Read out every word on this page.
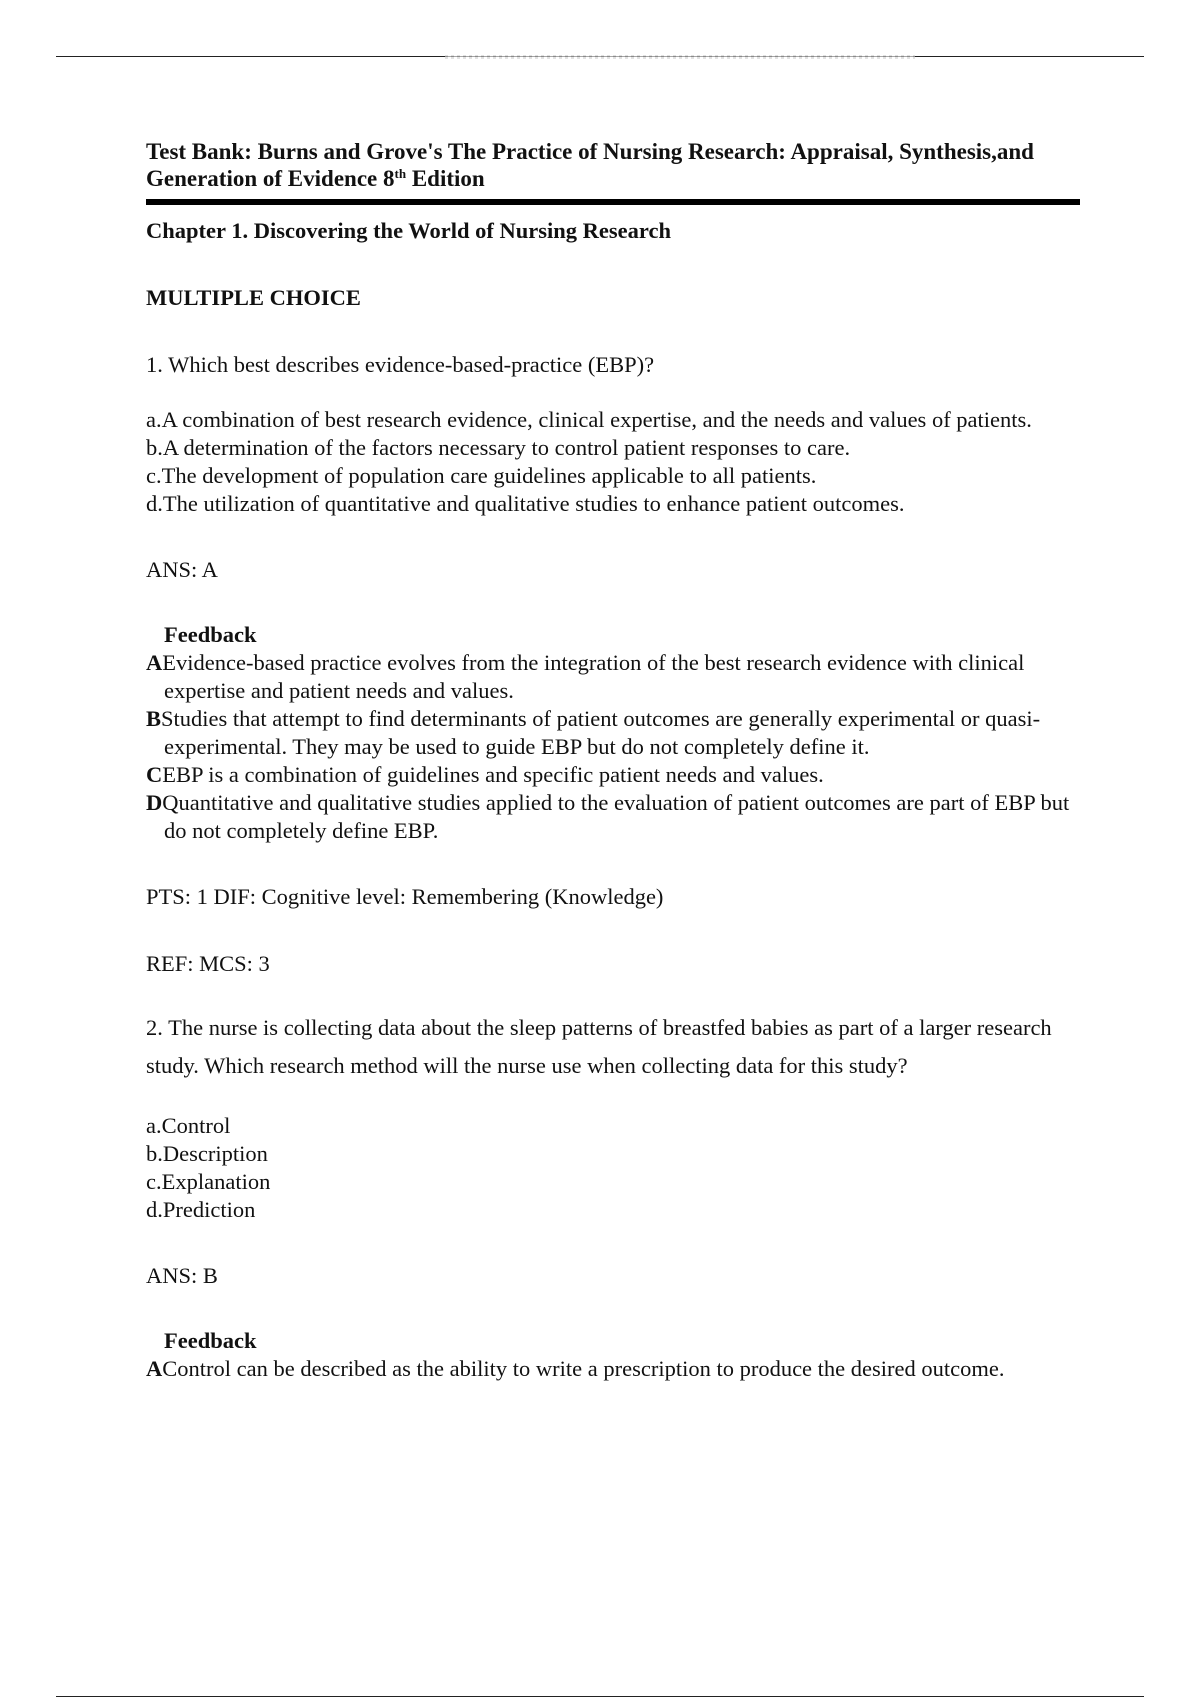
Test Bank: Burns and Grove's The Practice of Nursing Research: Appraisal, Synthesis,and
Generation of Evidence 8th Edition
Chapter 1. Discovering the World of Nursing Research
MULTIPLE CHOICE
1. Which best describes evidence-based-practice (EBP)?
a.A combination of best research evidence, clinical expertise, and the needs and values of patients.
b.A determination of the factors necessary to control patient responses to care.
c.The development of population care guidelines applicable to all patients.
d.The utilization of quantitative and qualitative studies to enhance patient outcomes.
ANS: A
Feedback
AEvidence-based practice evolves from the integration of the best research evidence with clinical expertise and patient needs and values.
BStudies that attempt to find determinants of patient outcomes are generally experimental or quasi-experimental. They may be used to guide EBP but do not completely define it.
CEBP is a combination of guidelines and specific patient needs and values.
DQuantitative and qualitative studies applied to the evaluation of patient outcomes are part of EBP but do not completely define EBP.
PTS: 1 DIF: Cognitive level: Remembering (Knowledge)
REF: MCS: 3
2. The nurse is collecting data about the sleep patterns of breastfed babies as part of a larger research study. Which research method will the nurse use when collecting data for this study?
a.Control
b.Description
c.Explanation
d.Prediction
ANS: B
Feedback
AControl can be described as the ability to write a prescription to produce the desired outcome.
